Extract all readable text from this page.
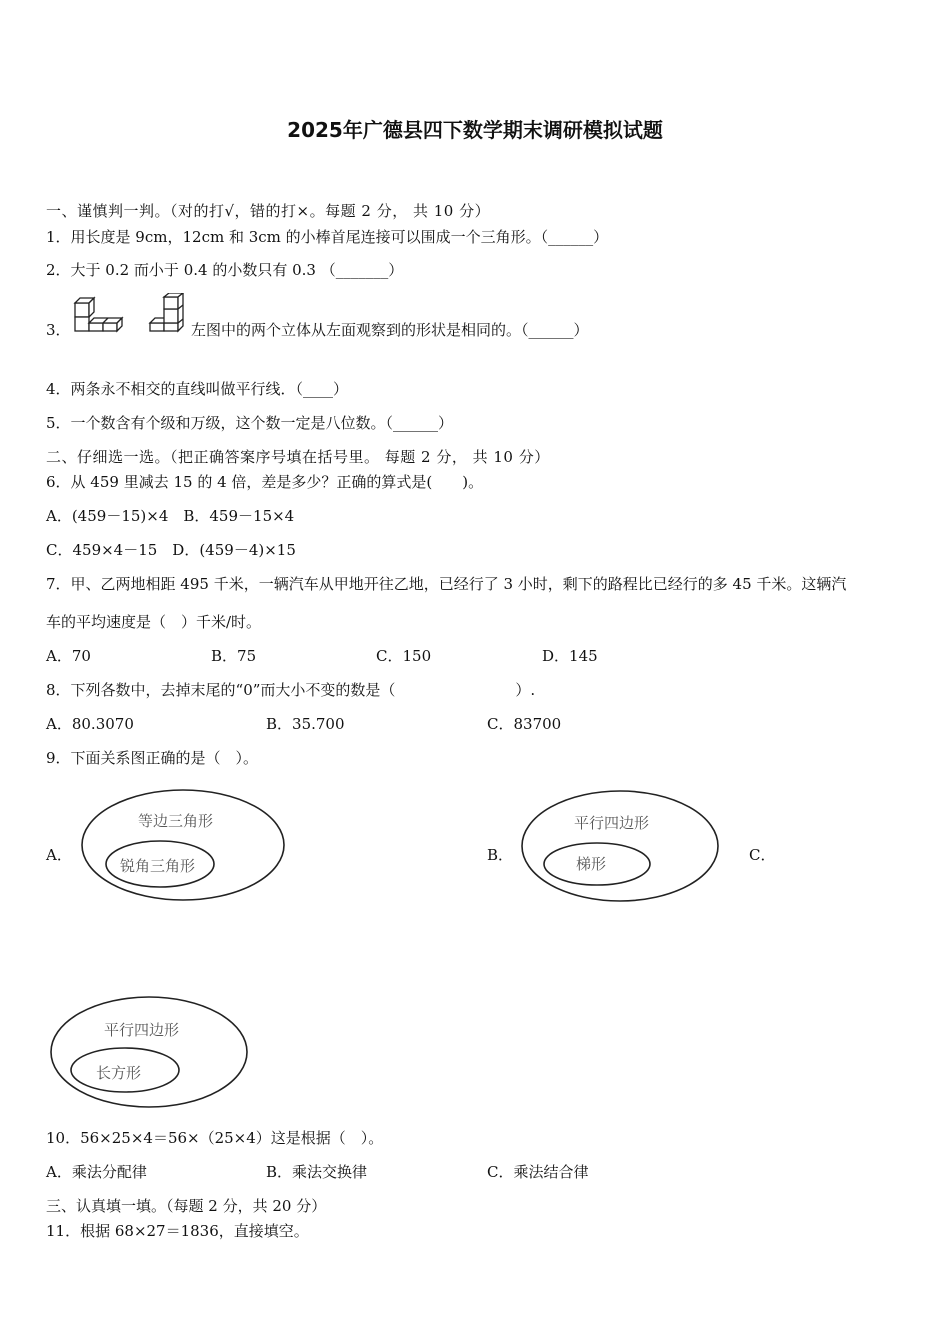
2025年广德县四下数学期末调研模拟试题
一、谨慎判一判。（对的打√，错的打×。每题 2 分， 共 10 分）
1．用长度是 9cm，12cm 和 3cm 的小棒首尾连接可以围成一个三角形。（______）
2．大于 0.2 而小于 0.4 的小数只有 0.3 （_______）
3．	左图中的两个立体从左面观察到的形状是相同的。（______）
4．两条永不相交的直线叫做平行线．（____）
5．一个数含有个级和万级，这个数一定是八位数。（______）
二、仔细选一选。（把正确答案序号填在括号里。 每题 2 分， 共 10 分）
6．从 459 里减去 15 的 4 倍，差是多少？正确的算式是(　　)。
A．(459－15)×4　B．459－15×4
C．459×4－15　D．(459－4)×15
7．甲、乙两地相距 495 千米，一辆汽车从甲地开往乙地，已经行了 3 小时，剩下的路程比已经行的多 45 千米。这辆汽
车的平均速度是（　）千米/时。
A．70	B．75	C．150	D．145
8．下列各数中，去掉末尾的“0”而大小不变的数是（　　　　　　　　）.
A．80.3070	B．35.700	C．83700
9．下面关系图正确的是（　）。
A．	B．	C．
等边三角形
锐角三角形
平行四边形
梯形
平行四边形
长方形
10．56×25×4＝56×（25×4）这是根据（　）。
A．乘法分配律	B．乘法交换律	C．乘法结合律
三、认真填一填。（每题 2 分，共 20 分）
11．根据 68×27＝1836，直接填空。
